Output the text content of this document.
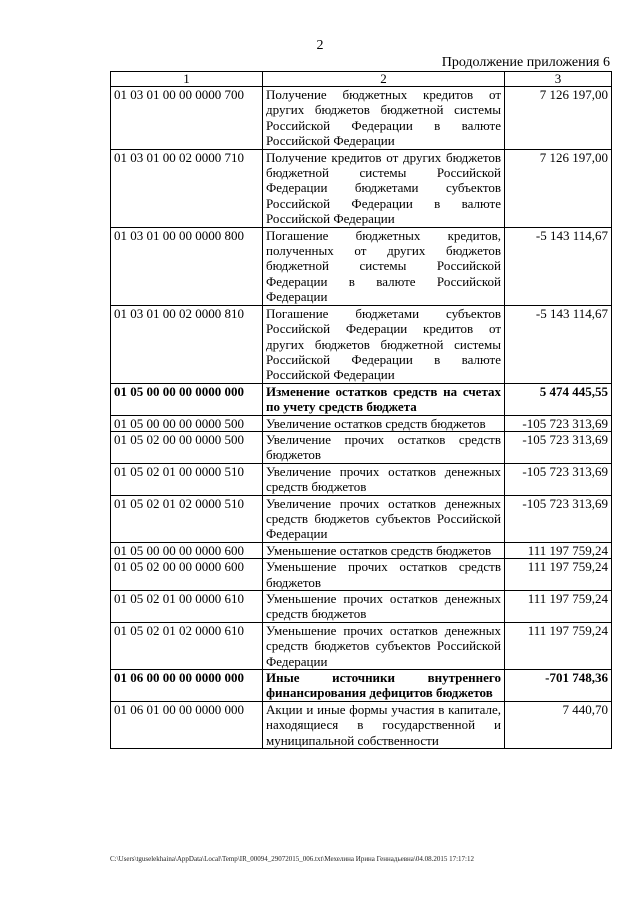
2
Продолжение приложения 6
1	2	3
01 03 01 00 00 0000 700	Получение бюджетных кредитов от других бюджетов бюджетной системы Российской Федерации в валюте Российской Федерации	7 126 197,00
01 03 01 00 02 0000 710	Получение кредитов от других бюджетов бюджетной системы Российской Федерации бюджетами субъектов Российской Федерации в валюте Российской Федерации	7 126 197,00
01 03 01 00 00 0000 800	Погашение бюджетных кредитов, полученных от других бюджетов бюджетной системы Российской Федерации в валюте Российской Федерации	-5 143 114,67
01 03 01 00 02 0000 810	Погашение бюджетами субъектов Российской Федерации кредитов от других бюджетов бюджетной системы Российской Федерации в валюте Российской Федерации	-5 143 114,67
01 05 00 00 00 0000 000	Изменение остатков средств на счетах по учету средств бюджета	5 474 445,55
01 05 00 00 00 0000 500	Увеличение остатков средств бюджетов	-105 723 313,69
01 05 02 00 00 0000 500	Увеличение прочих остатков средств бюджетов	-105 723 313,69
01 05 02 01 00 0000 510	Увеличение прочих остатков денежных средств бюджетов	-105 723 313,69
01 05 02 01 02 0000 510	Увеличение прочих остатков денежных средств бюджетов субъектов Российской Федерации	-105 723 313,69
01 05 00 00 00 0000 600	Уменьшение остатков средств бюджетов	111 197 759,24
01 05 02 00 00 0000 600	Уменьшение прочих остатков средств бюджетов	111 197 759,24
01 05 02 01 00 0000 610	Уменьшение прочих остатков денежных средств бюджетов	111 197 759,24
01 05 02 01 02 0000 610	Уменьшение прочих остатков денежных средств бюджетов субъектов Российской Федерации	111 197 759,24
01 06 00 00 00 0000 000	Иные источники внутреннего финансирования дефицитов бюджетов	-701 748,36
01 06 01 00 00 0000 000	Акции и иные формы участия в капитале, находящиеся в государственной и муниципальной собственности	7 440,70
C:\Users\tguselekhaina\AppData\Local\Temp\IR_00094_29072015_006.txt\Мехелина Ирина Геннадьевна\04.08.2015 17:17:12
